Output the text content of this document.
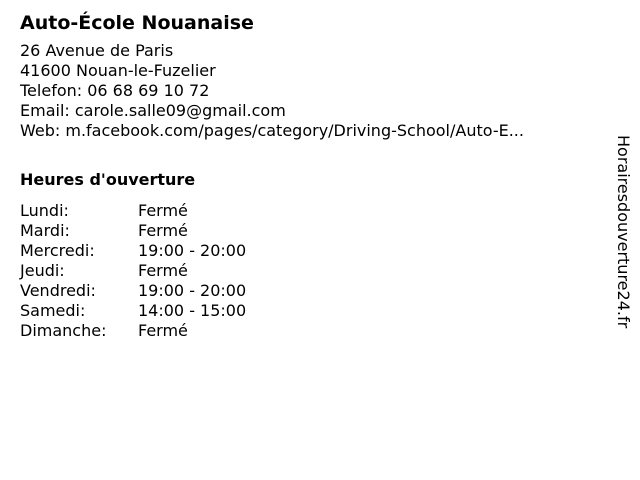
Auto-École Nouanaise
26 Avenue de Paris
41600 Nouan-le-Fuzelier
Telefon: 06 68 69 10 72
Email: carole.salle09@gmail.com
Web: m.facebook.com/pages/category/Driving-School/Auto-E...
Heures d'ouverture
Lundi:	Fermé
Mardi:	Fermé
Mercredi:	19:00 - 20:00
Jeudi:	Fermé
Vendredi:	19:00 - 20:00
Samedi:	14:00 - 15:00
Dimanche:	Fermé
Horairesdouverture24.fr
